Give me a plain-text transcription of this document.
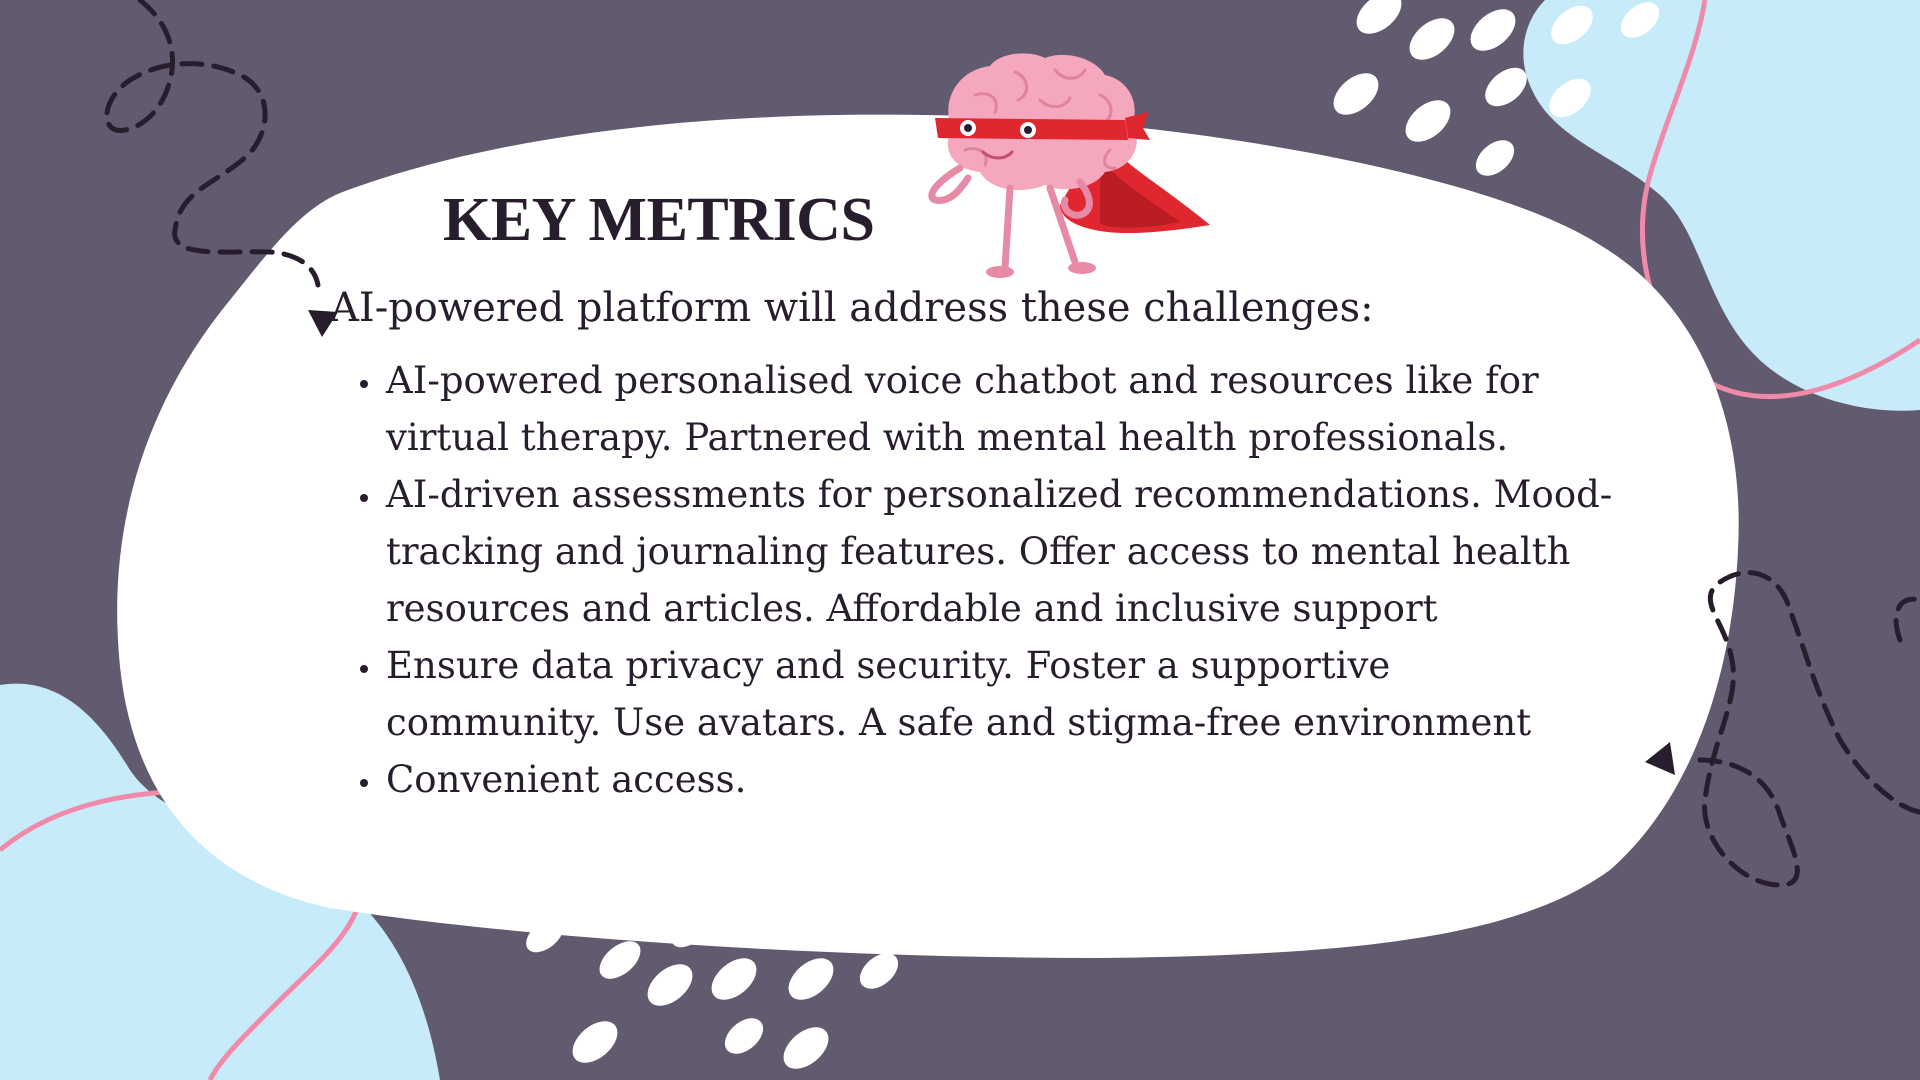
KEY METRICS

AI-powered platform will address these challenges:

AI-powered personalised voice chatbot and resources like for virtual therapy. Partnered with mental health professionals.
AI-driven assessments for personalized recommendations. Mood-tracking and journaling features. Offer access to mental health resources and articles. Affordable and inclusive support
Ensure data privacy and security. Foster a supportive community. Use avatars. A safe and stigma-free environment
Convenient access.
